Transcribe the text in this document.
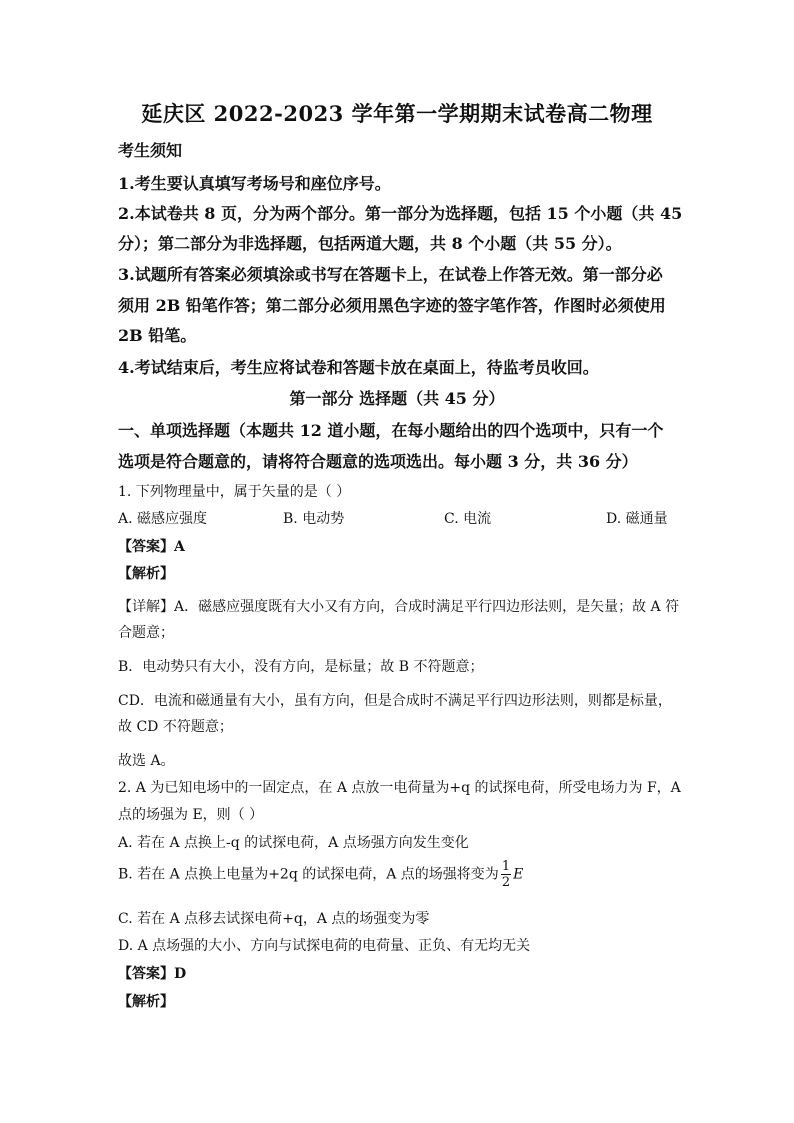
延庆区 2022-2023 学年第一学期期末试卷高二物理
考生须知
1.考生要认真填写考场号和座位序号。
2.本试卷共 8 页，分为两个部分。第一部分为选择题，包括 15 个小题（共 45
分）；第二部分为非选择题，包括两道大题，共 8 个小题（共 55 分）。
3.试题所有答案必须填涂或书写在答题卡上，在试卷上作答无效。第一部分必
须用 2B 铅笔作答；第二部分必须用黑色字迹的签字笔作答，作图时必须使用
2B 铅笔。
4.考试结束后，考生应将试卷和答题卡放在桌面上，待监考员收回。
第一部分 选择题（共 45 分）
一、单项选择题（本题共 12 道小题，在每小题给出的四个选项中，只有一个
选项是符合题意的，请将符合题意的选项选出。每小题 3 分，共 36 分）
1. 下列物理量中，属于矢量的是（ ）
A. 磁感应强度	B. 电动势	C. 电流	D. 磁通量
【答案】A
【解析】
【详解】A．磁感应强度既有大小又有方向，合成时满足平行四边形法则，是矢量；故 A 符
合题意；
B．电动势只有大小，没有方向，是标量；故 B 不符题意；
CD．电流和磁通量有大小，虽有方向，但是合成时不满足平行四边形法则，则都是标量，
故 CD 不符题意；
故选 A。
2. A 为已知电场中的一固定点，在 A 点放一电荷量为+q 的试探电荷，所受电场力为 F，A
点的场强为 E，则（ ）
A. 若在 A 点换上-q 的试探电荷，A 点场强方向发生变化
B. 若在 A 点换上电量为+2q 的试探电荷，A 点的场强将变为 $\frac{1}{2}$ E
C. 若在 A 点移去试探电荷+q，A 点的场强变为零
D. A 点场强的大小、方向与试探电荷的电荷量、正负、有无均无关
【答案】D
【解析】
